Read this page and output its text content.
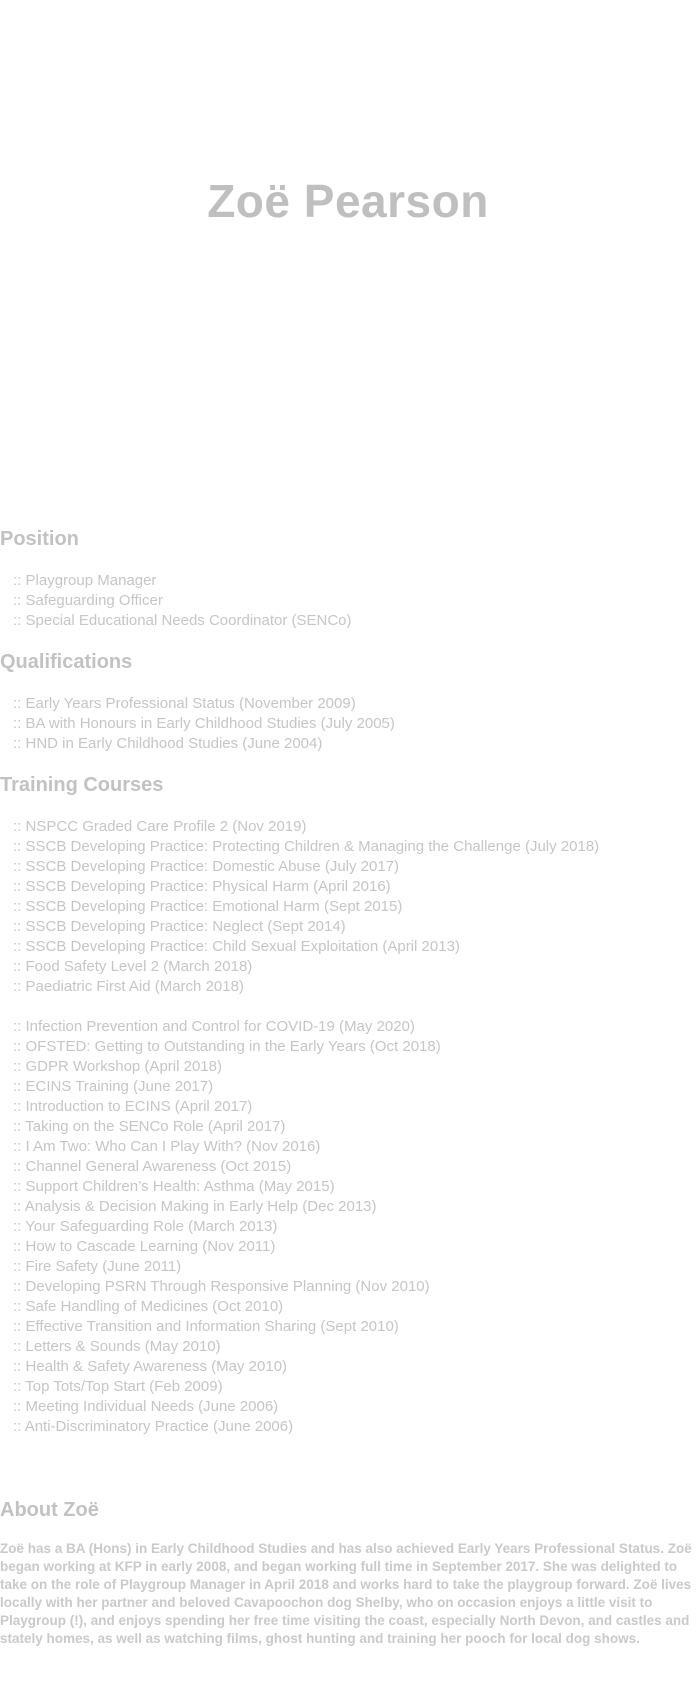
Zoë Pearson
Position
:: Playgroup Manager
:: Safeguarding Officer
:: Special Educational Needs Coordinator (SENCo)
Qualifications
:: Early Years Professional Status (November 2009)
:: BA with Honours in Early Childhood Studies (July 2005)
:: HND in Early Childhood Studies (June 2004)
Training Courses
:: NSPCC Graded Care Profile 2 (Nov 2019)
:: SSCB Developing Practice: Protecting Children & Managing the Challenge (July 2018)
:: SSCB Developing Practice: Domestic Abuse (July 2017)
:: SSCB Developing Practice: Physical Harm (April 2016)
:: SSCB Developing Practice: Emotional Harm (Sept 2015)
:: SSCB Developing Practice: Neglect (Sept 2014)
:: SSCB Developing Practice: Child Sexual Exploitation (April 2013)
:: Food Safety Level 2 (March 2018)
:: Paediatric First Aid (March 2018)
:: Infection Prevention and Control for COVID-19 (May 2020)
:: OFSTED: Getting to Outstanding in the Early Years (Oct 2018)
:: GDPR Workshop (April 2018)
:: ECINS Training (June 2017)
:: Introduction to ECINS (April 2017)
:: Taking on the SENCo Role (April 2017)
:: I Am Two: Who Can I Play With? (Nov 2016)
:: Channel General Awareness (Oct 2015)
:: Support Children’s Health: Asthma (May 2015)
:: Analysis & Decision Making in Early Help (Dec 2013)
:: Your Safeguarding Role (March 2013)
:: How to Cascade Learning (Nov 2011)
:: Fire Safety (June 2011)
:: Developing PSRN Through Responsive Planning (Nov 2010)
:: Safe Handling of Medicines (Oct 2010)
:: Effective Transition and Information Sharing (Sept 2010)
:: Letters & Sounds (May 2010)
:: Health & Safety Awareness (May 2010)
:: Top Tots/Top Start (Feb 2009)
:: Meeting Individual Needs (June 2006)
:: Anti-Discriminatory Practice (June 2006)
About Zoë

Zoë has a BA (Hons) in Early Childhood Studies and has also achieved Early Years Professional Status. Zoë began working at KFP in early 2008, and began working full time in September 2017. She was delighted to take on the role of Playgroup Manager in April 2018 and works hard to take the playgroup forward. Zoë lives locally with her partner and beloved Cavapoochon dog Shelby, who on occasion enjoys a little visit to Playgroup (!), and enjoys spending her free time visiting the coast, especially North Devon, and castles and stately homes, as well as watching films, ghost hunting and training her pooch for local dog shows.
